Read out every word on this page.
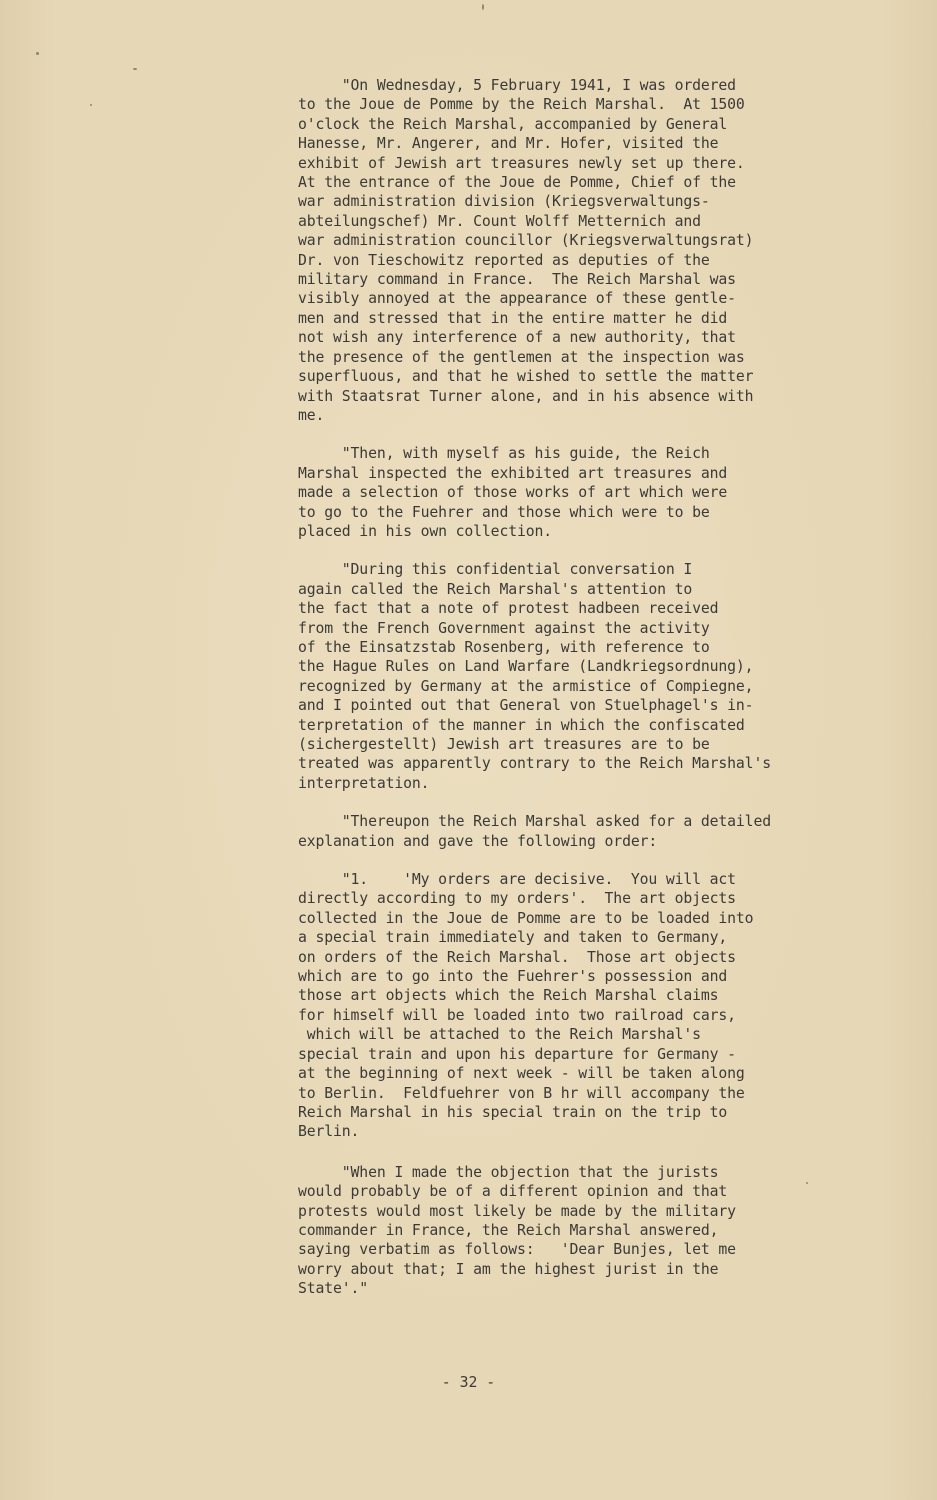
"On Wednesday, 5 February 1941, I was ordered
to the Joue de Pomme by the Reich Marshal.  At 1500
o'clock the Reich Marshal, accompanied by General
Hanesse, Mr. Angerer, and Mr. Hofer, visited the
exhibit of Jewish art treasures newly set up there.
At the entrance of the Joue de Pomme, Chief of the
war administration division (Kriegsverwaltungs-
abteilungschef) Mr. Count Wolff Metternich and
war administration councillor (Kriegsverwaltungsrat)
Dr. von Tieschowitz reported as deputies of the
military command in France.  The Reich Marshal was
visibly annoyed at the appearance of these gentle-
men and stressed that in the entire matter he did
not wish any interference of a new authority, that
the presence of the gentlemen at the inspection was
superfluous, and that he wished to settle the matter
with Staatsrat Turner alone, and in his absence with
me.
"Then, with myself as his guide, the Reich
Marshal inspected the exhibited art treasures and
made a selection of those works of art which were
to go to the Fuehrer and those which were to be
placed in his own collection.
"During this confidential conversation I
again called the Reich Marshal's attention to
the fact that a note of protest hadbeen received
from the French Government against the activity
of the Einsatzstab Rosenberg, with reference to
the Hague Rules on Land Warfare (Landkriegsordnung),
recognized by Germany at the armistice of Compiegne,
and I pointed out that General von Stuelphagel's in-
terpretation of the manner in which the confiscated
(sichergestellt) Jewish art treasures are to be
treated was apparently contrary to the Reich Marshal's
interpretation.
"Thereupon the Reich Marshal asked for a detailed
explanation and gave the following order:
"1.    'My orders are decisive.  You will act
directly according to my orders'.  The art objects
collected in the Joue de Pomme are to be loaded into
a special train immediately and taken to Germany,
on orders of the Reich Marshal.  Those art objects
which are to go into the Fuehrer's possession and
those art objects which the Reich Marshal claims
for himself will be loaded into two railroad cars,
which will be attached to the Reich Marshal's
special train and upon his departure for Germany -
at the beginning of next week - will be taken along
to Berlin.  Feldfuehrer von B hr will accompany the
Reich Marshal in his special train on the trip to
Berlin.
"When I made the objection that the jurists
would probably be of a different opinion and that
protests would most likely be made by the military
commander in France, the Reich Marshal answered,
saying verbatim as follows:   'Dear Bunjes, let me
worry about that; I am the highest jurist in the
State'."
- 32 -
